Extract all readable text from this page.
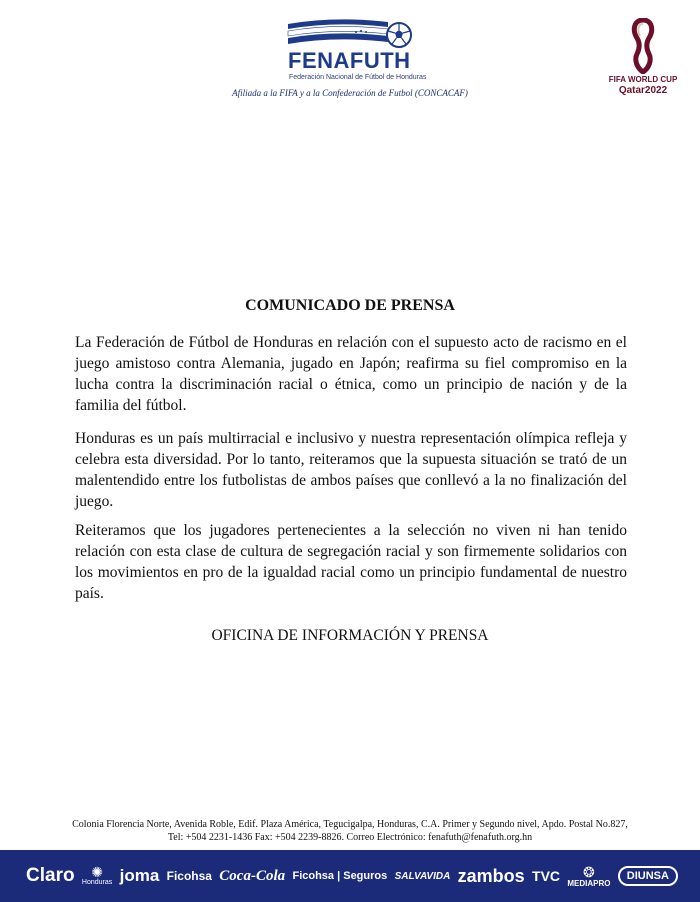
FENAFUTH
Federación Nacional de Fútbol de Honduras
Afiliada a la FIFA y a la Confederación de Futbol (CONCACAF)
FIFA WORLD CUP
Qatar2022
COMUNICADO DE PRENSA

La Federación de Fútbol de Honduras en relación con el supuesto acto de racismo en el juego amistoso contra Alemania, jugado en Japón; reafirma su fiel compromiso en la lucha contra la discriminación racial o étnica, como un principio de nación y de la familia del fútbol.

Honduras es un país multirracial e inclusivo y nuestra representación olímpica refleja y celebra esta diversidad. Por lo tanto, reiteramos que la supuesta situación se trató de un malentendido entre los futbolistas de ambos países que conllevó a la no finalización del juego.

Reiteramos que los jugadores pertenecientes a la selección no viven ni han tenido relación con esta clase de cultura de segregación racial y son firmemente solidarios con los movimientos en pro de la igualdad racial como un principio fundamental de nuestro país.

OFICINA DE INFORMACIÓN Y PRENSA

Colonia Florencia Norte, Avenida Roble, Edif. Plaza América, Tegucigalpa, Honduras, C.A. Primer y Segundo nivel, Apdo. Postal No.827,
Tel: +504 2231-1436 Fax: +504 2239-8826. Correo Electrónico: fenafuth@fenafuth.org.hn
Claro	✺
Honduras joma Ficohsa Coca-Cola Ficohsa | Seguros SALVAVIDA zambos TVC	❂
MEDIAPRO
DIUNSA
